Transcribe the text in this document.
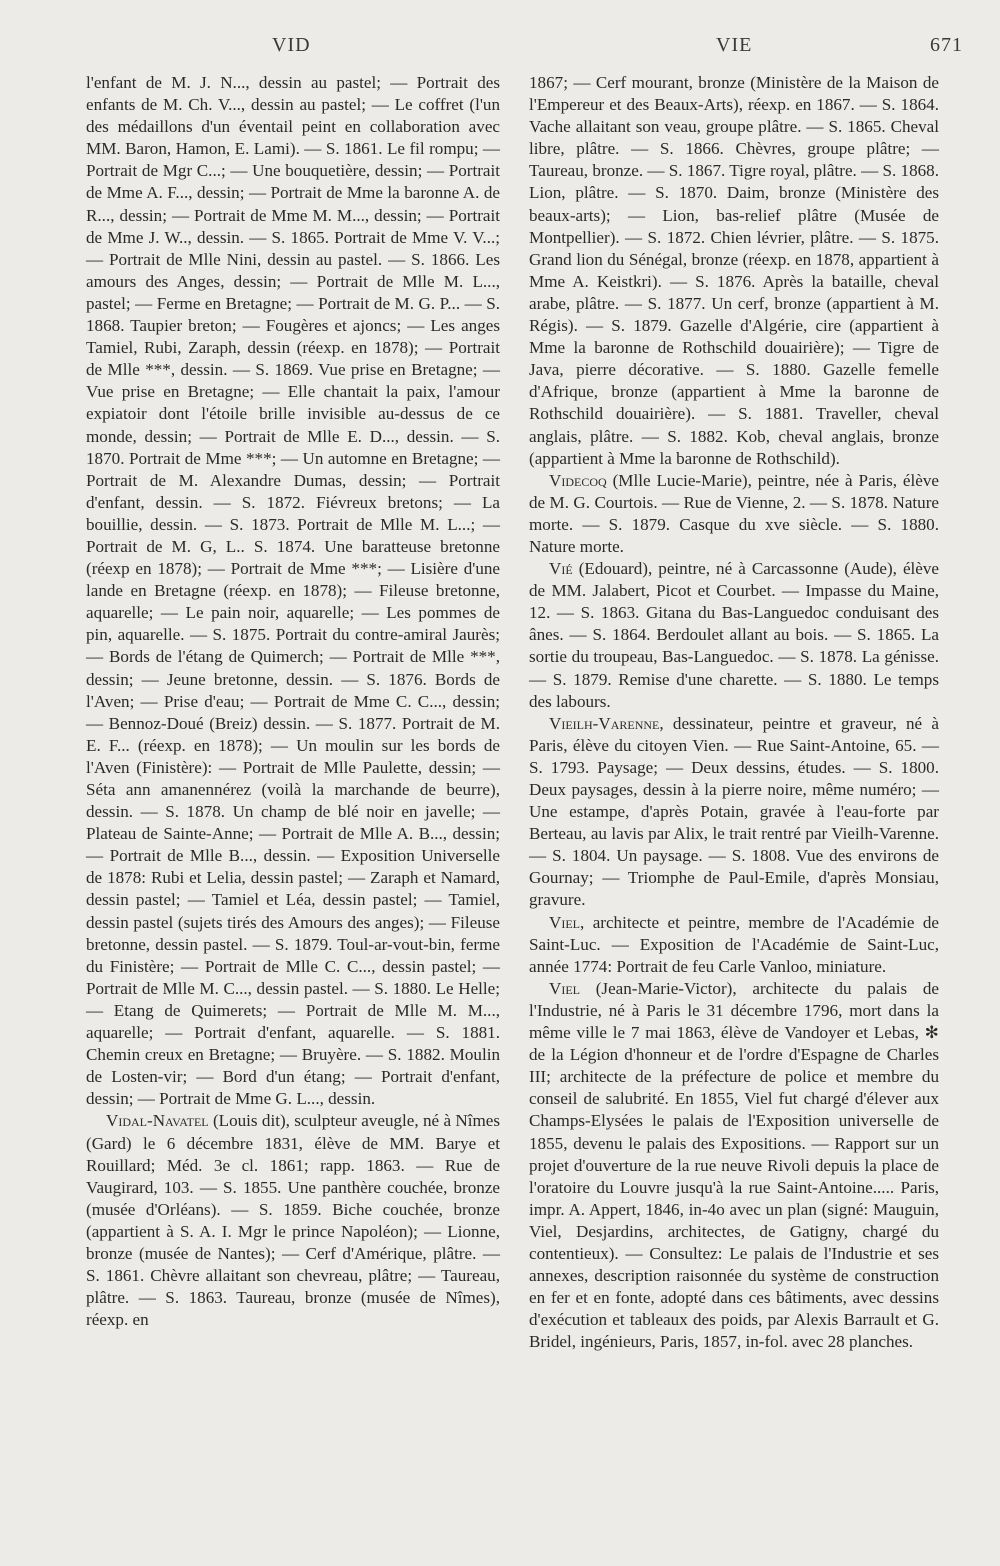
VID	VIE	671

l'enfant de M. J. N..., dessin au pastel; — Portrait des enfants de M. Ch. V..., dessin au pastel; — Le coffret (l'un des médaillons d'un éventail peint en collaboration avec MM. Baron, Hamon, E. Lami). — S. 1861. Le fil rompu; — Portrait de Mgr C...; — Une bouquetière, dessin; — Portrait de Mme A. F..., dessin; — Portrait de Mme la baronne A. de R..., dessin; — Portrait de Mme M. M..., dessin; — Portrait de Mme J. W.., dessin. — S. 1865. Portrait de Mme V. V...; — Portrait de Mlle Nini, dessin au pastel. — S. 1866. Les amours des Anges, dessin; — Portrait de Mlle M. L..., pastel; — Ferme en Bretagne; — Portrait de M. G. P... — S. 1868. Taupier breton; — Fougères et ajoncs; — Les anges Tamiel, Rubi, Zaraph, dessin (réexp. en 1878); — Portrait de Mlle ***, dessin. — S. 1869. Vue prise en Bretagne; — Vue prise en Bretagne; — Elle chantait la paix, l'amour expiatoir dont l'étoile brille invisible au-dessus de ce monde, dessin; — Portrait de Mlle E. D..., dessin. — S. 1870. Portrait de Mme ***; — Un automne en Bretagne; — Portrait de M. Alexandre Dumas, dessin; — Portrait d'enfant, dessin. — S. 1872. Fiévreux bretons; — La bouillie, dessin. — S. 1873. Portrait de Mlle M. L...; — Portrait de M. G, L.. S. 1874. Une baratteuse bretonne (réexp en 1878); — Portrait de Mme ***; — Lisière d'une lande en Bretagne (réexp. en 1878); — Fileuse bretonne, aquarelle; — Le pain noir, aquarelle; — Les pommes de pin, aquarelle. — S. 1875. Portrait du contre-amiral Jaurès; — Bords de l'étang de Quimerch; — Portrait de Mlle ***, dessin; — Jeune bretonne, dessin. — S. 1876. Bords de l'Aven; — Prise d'eau; — Portrait de Mme C. C..., dessin; — Bennoz-Doué (Breiz) dessin. — S. 1877. Portrait de M. E. F... (réexp. en 1878); — Un moulin sur les bords de l'Aven (Finistère): — Portrait de Mlle Paulette, dessin; — Séta ann amanennérez (voilà la marchande de beurre), dessin. — S. 1878. Un champ de blé noir en javelle; — Plateau de Sainte-Anne; — Portrait de Mlle A. B..., dessin; — Portrait de Mlle B..., dessin. — Exposition Universelle de 1878: Rubi et Lelia, dessin pastel; — Zaraph et Namard, dessin pastel; — Tamiel et Léa, dessin pastel; — Tamiel, dessin pastel (sujets tirés des Amours des anges); — Fileuse bretonne, dessin pastel. — S. 1879. Toul-ar-vout-bin, ferme du Finistère; — Portrait de Mlle C. C..., dessin pastel; — Portrait de Mlle M. C..., dessin pastel. — S. 1880. Le Helle; — Etang de Quimerets; — Portrait de Mlle M. M..., aquarelle; — Portrait d'enfant, aquarelle. — S. 1881. Chemin creux en Bretagne; — Bruyère. — S. 1882. Moulin de Losten-vir; — Bord d'un étang; — Portrait d'enfant, dessin; — Portrait de Mme G. L..., dessin.

Vidal-Navatel (Louis dit), sculpteur aveugle, né à Nîmes (Gard) le 6 décembre 1831, élève de MM. Barye et Rouillard; Méd. 3e cl. 1861; rapp. 1863. — Rue de Vaugirard, 103. — S. 1855. Une panthère couchée, bronze (musée d'Orléans). — S. 1859. Biche couchée, bronze (appartient à S. A. I. Mgr le prince Napoléon); — Lionne, bronze (musée de Nantes); — Cerf d'Amérique, plâtre. — S. 1861. Chèvre allaitant son chevreau, plâtre; — Taureau, plâtre. — S. 1863. Taureau, bronze (musée de Nîmes), réexp. en

1867; — Cerf mourant, bronze (Ministère de la Maison de l'Empereur et des Beaux-Arts), réexp. en 1867. — S. 1864. Vache allaitant son veau, groupe plâtre. — S. 1865. Cheval libre, plâtre. — S. 1866. Chèvres, groupe plâtre; — Taureau, bronze. — S. 1867. Tigre royal, plâtre. — S. 1868. Lion, plâtre. — S. 1870. Daim, bronze (Ministère des beaux-arts); — Lion, bas-relief plâtre (Musée de Montpellier). — S. 1872. Chien lévrier, plâtre. — S. 1875. Grand lion du Sénégal, bronze (réexp. en 1878, appartient à Mme A. Keistkri). — S. 1876. Après la bataille, cheval arabe, plâtre. — S. 1877. Un cerf, bronze (appartient à M. Régis). — S. 1879. Gazelle d'Algérie, cire (appartient à Mme la baronne de Rothschild douairière); — Tigre de Java, pierre décorative. — S. 1880. Gazelle femelle d'Afrique, bronze (appartient à Mme la baronne de Rothschild douairière). — S. 1881. Traveller, cheval anglais, plâtre. — S. 1882. Kob, cheval anglais, bronze (appartient à Mme la baronne de Rothschild).

Videcoq (Mlle Lucie-Marie), peintre, née à Paris, élève de M. G. Courtois. — Rue de Vienne, 2. — S. 1878. Nature morte. — S. 1879. Casque du xve siècle. — S. 1880. Nature morte.

Vié (Edouard), peintre, né à Carcassonne (Aude), élève de MM. Jalabert, Picot et Courbet. — Impasse du Maine, 12. — S. 1863. Gitana du Bas-Languedoc conduisant des ânes. — S. 1864. Berdoulet allant au bois. — S. 1865. La sortie du troupeau, Bas-Languedoc. — S. 1878. La génisse. — S. 1879. Remise d'une charette. — S. 1880. Le temps des labours.

Vieilh-Varenne, dessinateur, peintre et graveur, né à Paris, élève du citoyen Vien. — Rue Saint-Antoine, 65. — S. 1793. Paysage; — Deux dessins, études. — S. 1800. Deux paysages, dessin à la pierre noire, même numéro; — Une estampe, d'après Potain, gravée à l'eau-forte par Berteau, au lavis par Alix, le trait rentré par Vieilh-Varenne. — S. 1804. Un paysage. — S. 1808. Vue des environs de Gournay; — Triomphe de Paul-Emile, d'après Monsiau, gravure.

Viel, architecte et peintre, membre de l'Académie de Saint-Luc. — Exposition de l'Académie de Saint-Luc, année 1774: Portrait de feu Carle Vanloo, miniature.

Viel (Jean-Marie-Victor), architecte du palais de l'Industrie, né à Paris le 31 décembre 1796, mort dans la même ville le 7 mai 1863, élève de Vandoyer et Lebas, ✻ de la Légion d'honneur et de l'ordre d'Espagne de Charles III; architecte de la préfecture de police et membre du conseil de salubrité. En 1855, Viel fut chargé d'élever aux Champs-Elysées le palais de l'Exposition universelle de 1855, devenu le palais des Expositions. — Rapport sur un projet d'ouverture de la rue neuve Rivoli depuis la place de l'oratoire du Louvre jusqu'à la rue Saint-Antoine..... Paris, impr. A. Appert, 1846, in-4o avec un plan (signé: Mauguin, Viel, Desjardins, architectes, de Gatigny, chargé du contentieux). — Consultez: Le palais de l'Industrie et ses annexes, description raisonnée du système de construction en fer et en fonte, adopté dans ces bâtiments, avec dessins d'exécution et tableaux des poids, par Alexis Barrault et G. Bridel, ingénieurs, Paris, 1857, in-fol. avec 28 planches.
